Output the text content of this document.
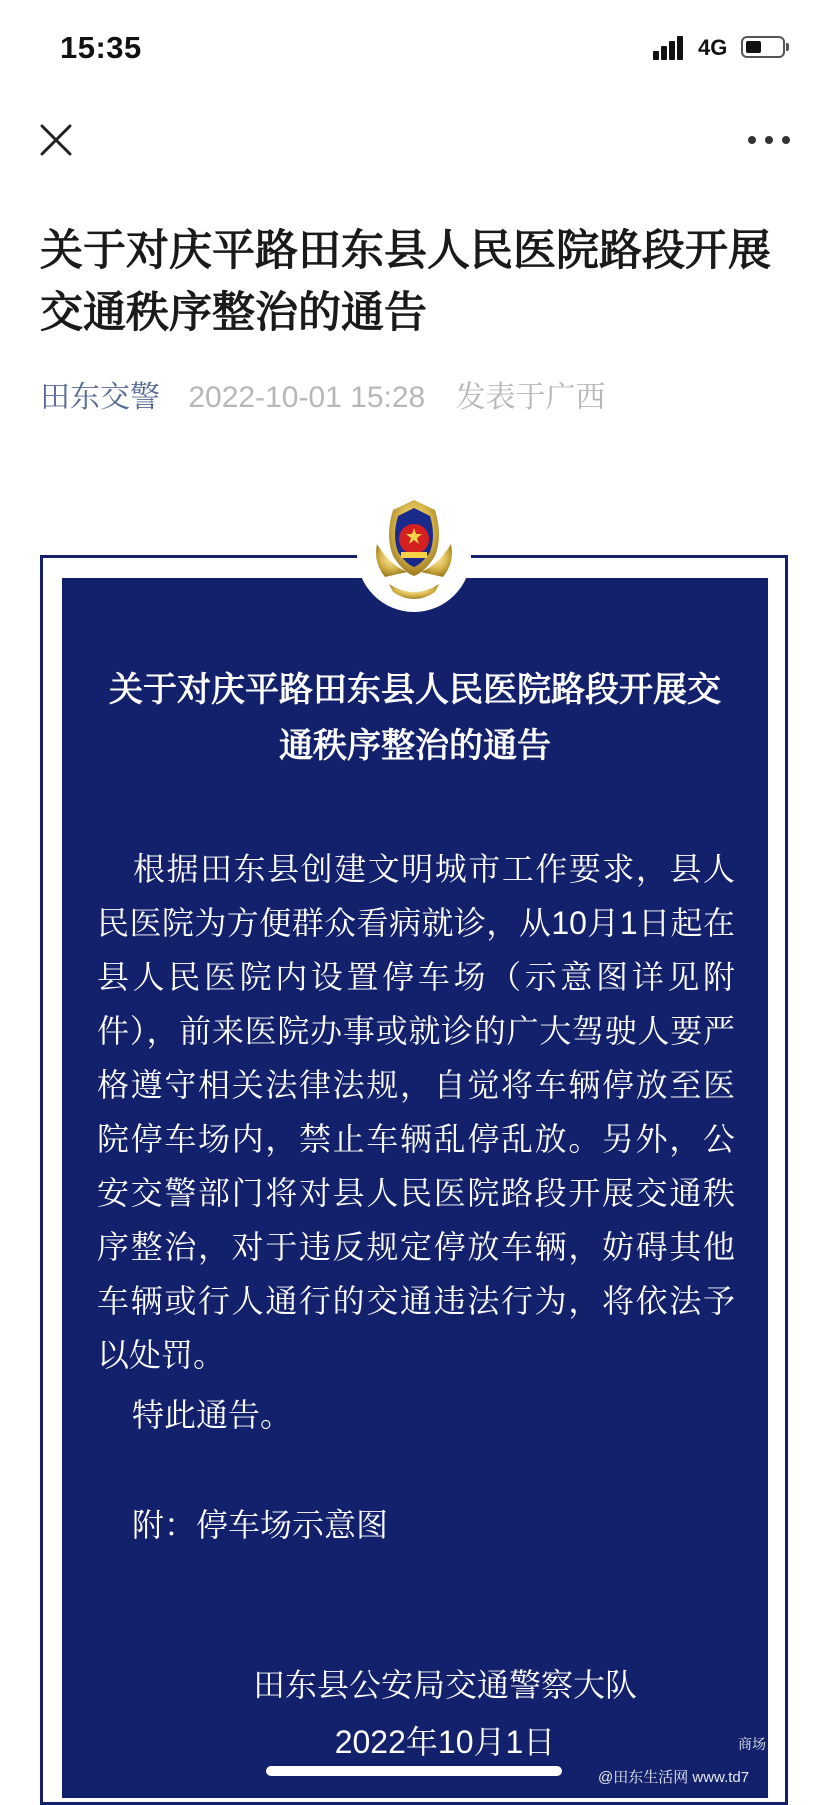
15:35	4G
关于对庆平路田东县人民医院路段开展交通秩序整治的通告
田东交警 2022-10-01 15:28 发表于广西
关于对庆平路田东县人民医院路段开展交
通秩序整治的通告
根据田东县创建文明城市工作要求，县人民医院为方便群众看病就诊，从10月1日起在县人民医院内设置停车场（示意图详见附件），前来医院办事或就诊的广大驾驶人要严格遵守相关法律法规，自觉将车辆停放至医院停车场内，禁止车辆乱停乱放。另外，公安交警部门将对县人民医院路段开展交通秩序整治，对于违反规定停放车辆，妨碍其他车辆或行人通行的交通违法行为，将依法予以处罚。
特此通告。
附：停车场示意图
田东县公安局交通警察大队
2022年10月1日	商场
@田东生活网 www.td7
